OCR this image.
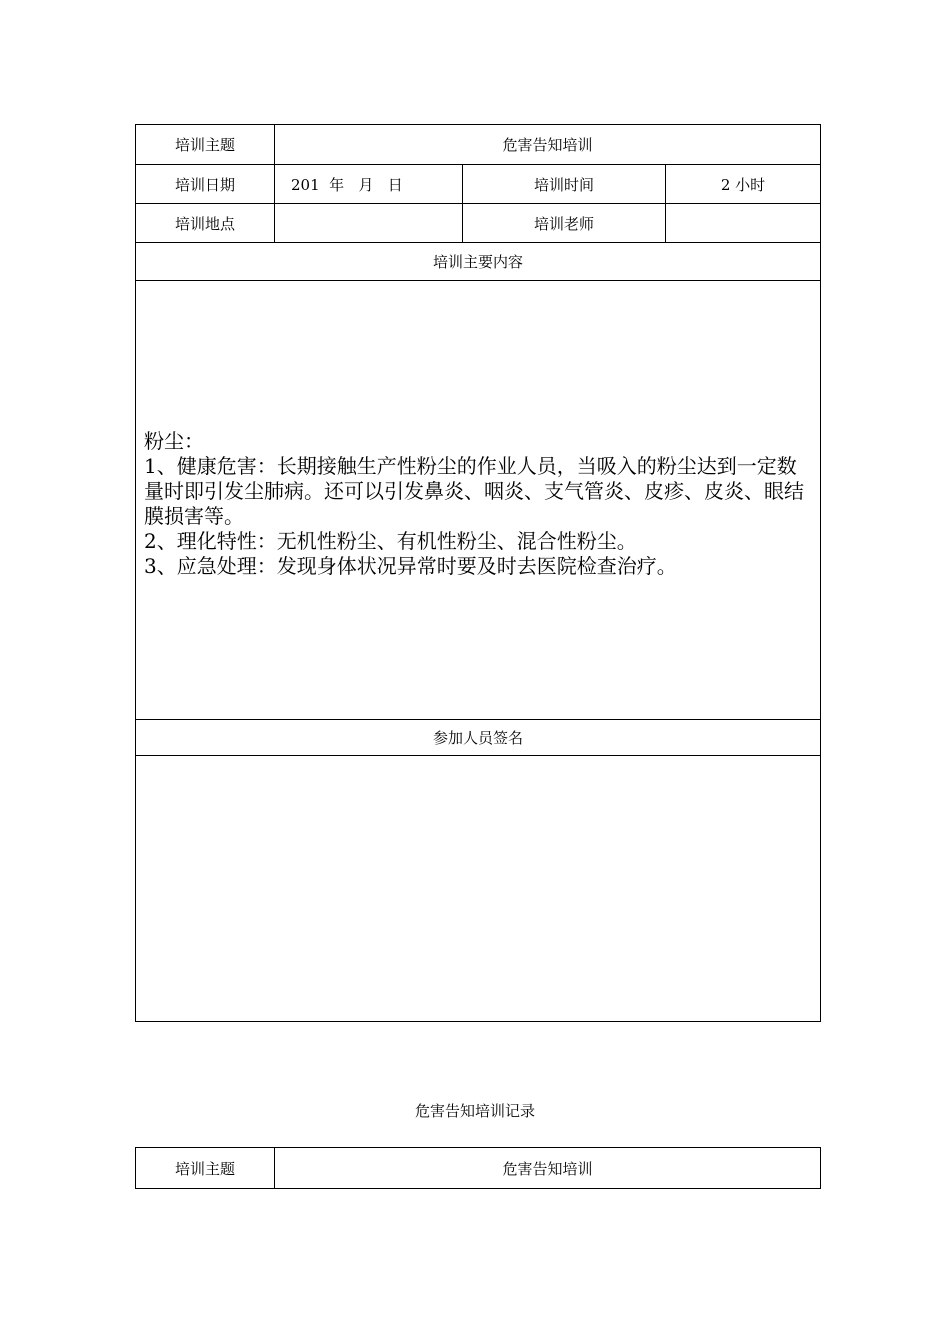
培训主题	危害告知培训		
培训日期	201  年   月   日	培训时间	2 小时
培训地点		培训老师	
培训主要内容			

粉尘：
1、健康危害：长期接触生产性粉尘的作业人员，当吸入的粉尘达到一定数量时即引发尘肺病。还可以引发鼻炎、咽炎、支气管炎、皮疹、皮炎、眼结膜损害等。
2、理化特性：无机性粉尘、有机性粉尘、混合性粉尘。
3、应急处理：发现身体状况异常时要及时去医院检查治疗。			

参加人员签名			

危害告知培训记录
培训主题	危害告知培训
